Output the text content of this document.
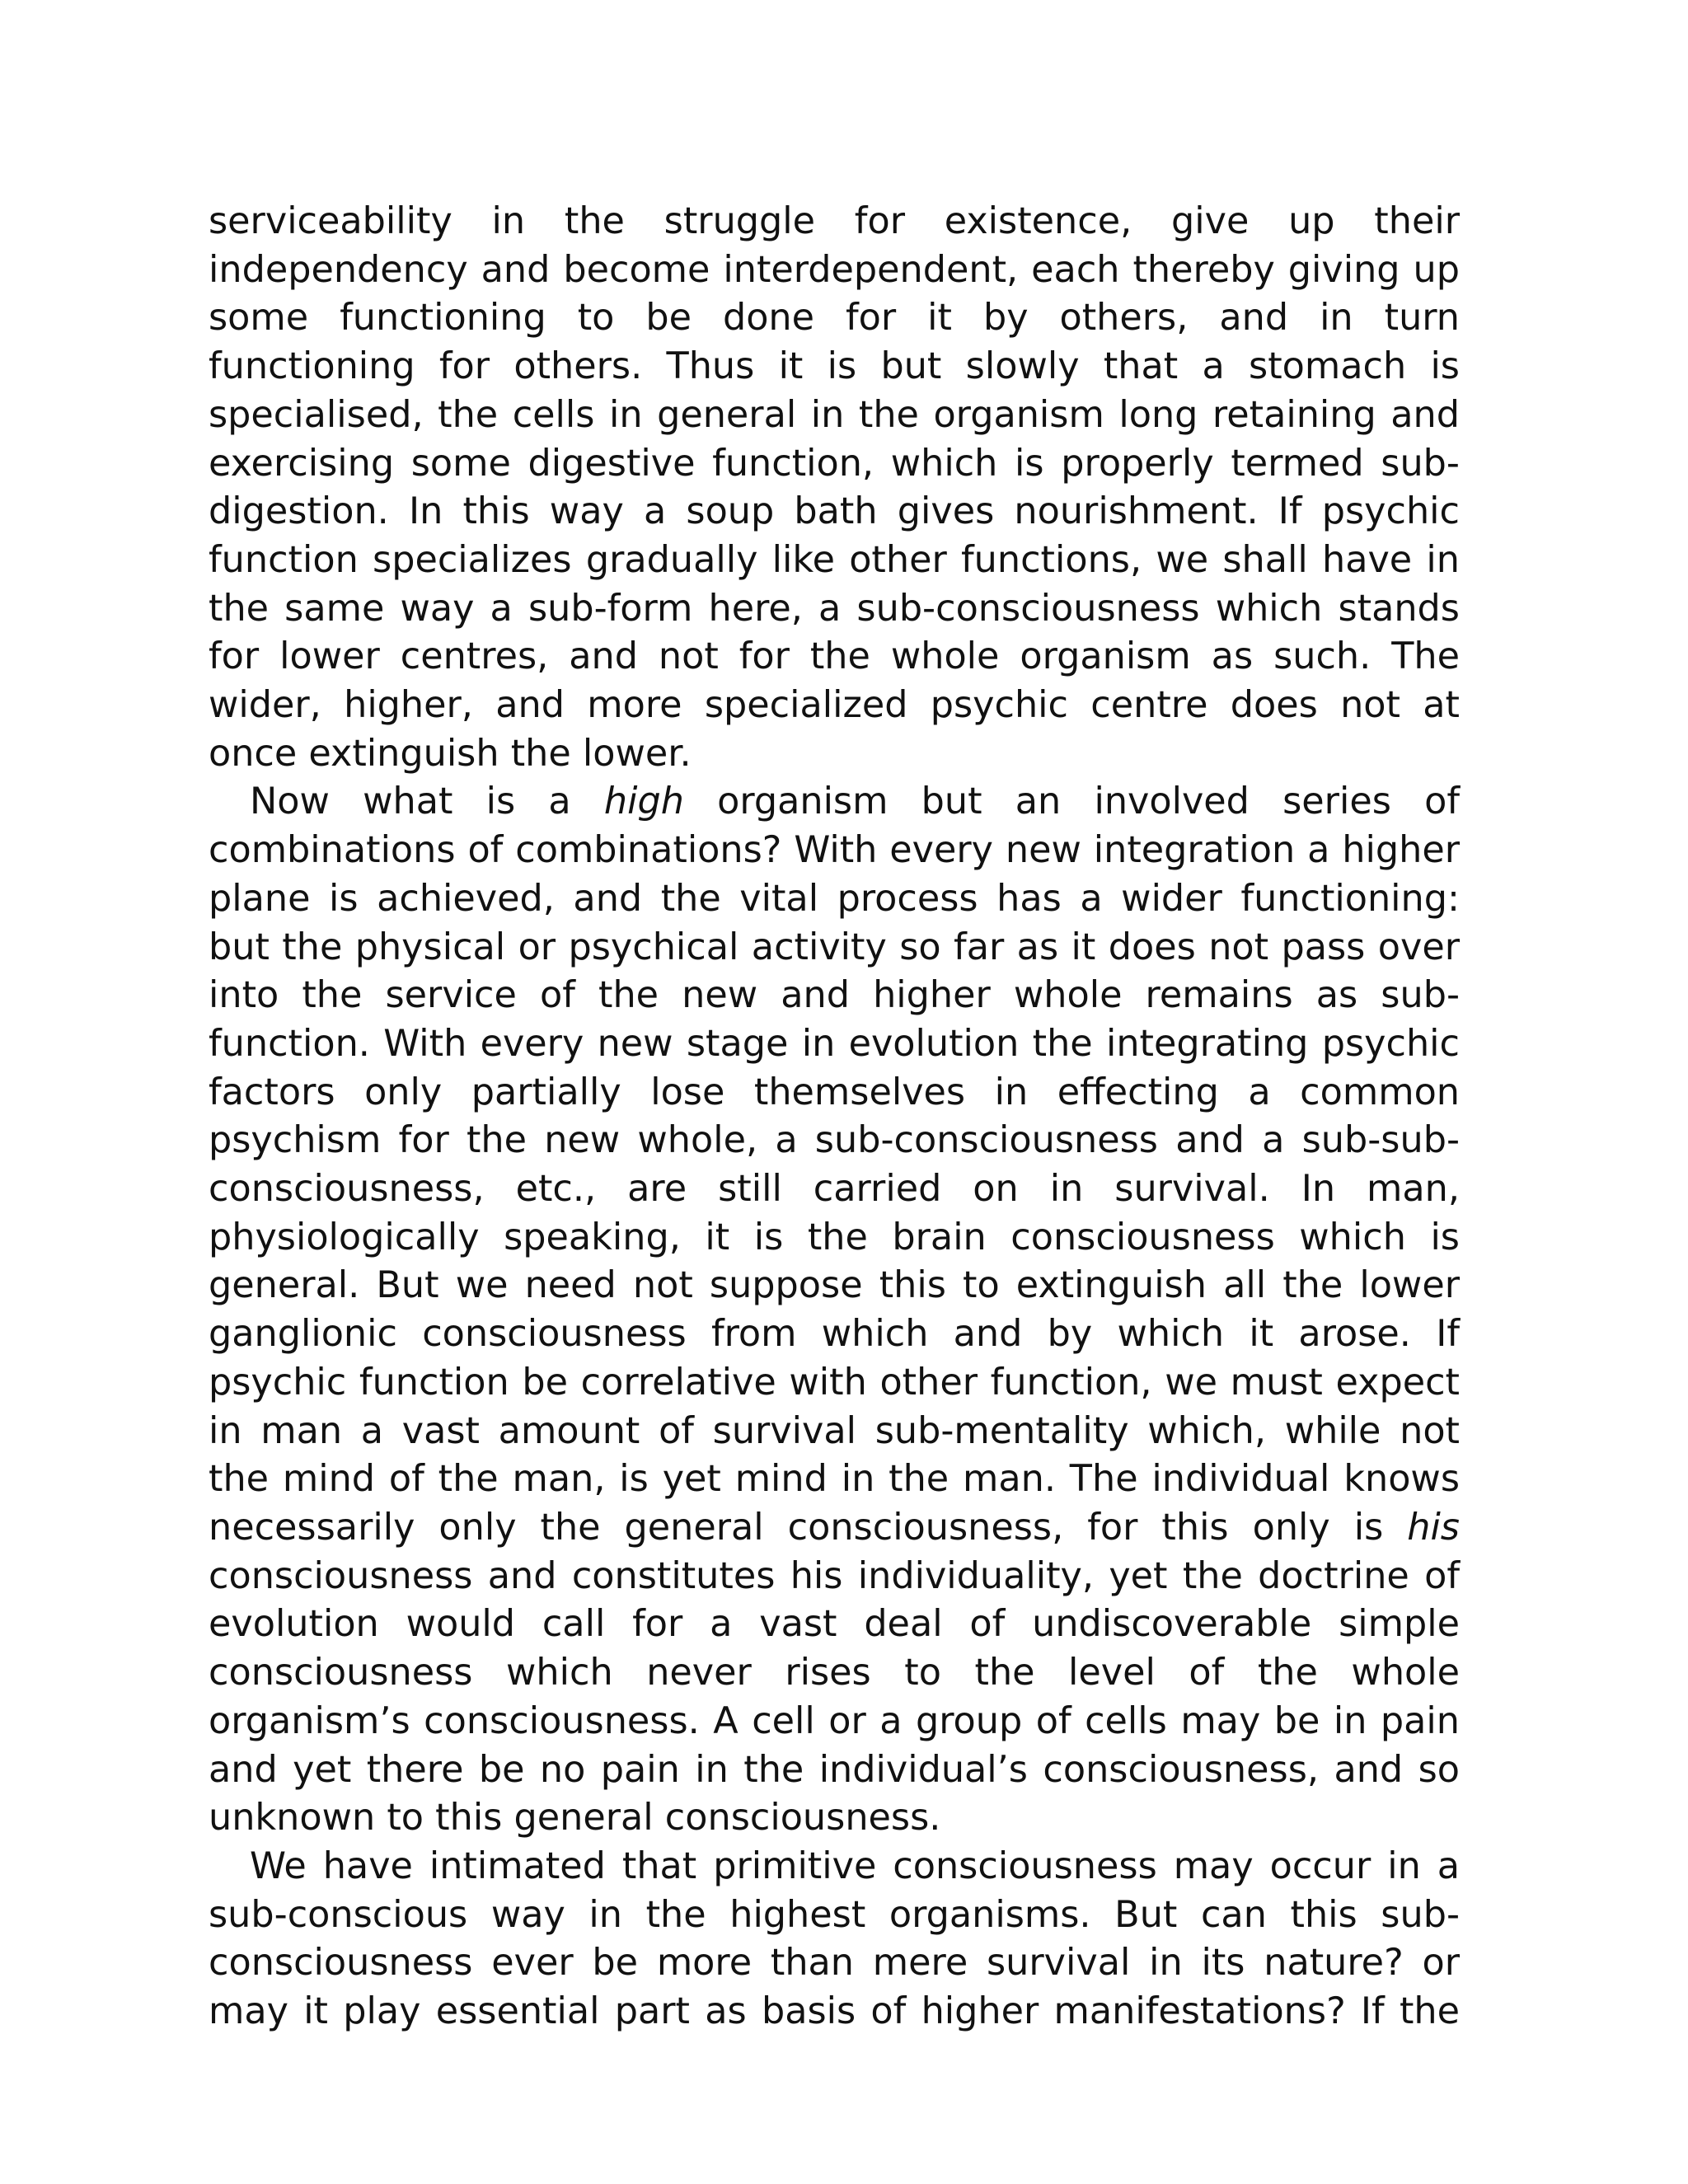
serviceability in the struggle for existence, give up their independency and become interdependent, each thereby giving up some functioning to be done for it by others, and in turn functioning for others. Thus it is but slowly that a stomach is specialised, the cells in general in the organism long retaining and exercising some digestive function, which is properly termed sub-digestion. In this way a soup bath gives nourishment. If psychic function specializes gradually like other functions, we shall have in the same way a sub-form here, a sub-consciousness which stands for lower centres, and not for the whole organism as such. The wider, higher, and more specialized psychic centre does not at once extinguish the lower.

Now what is a high organism but an involved series of combinations of combinations? With every new integration a higher plane is achieved, and the vital process has a wider functioning: but the physical or psychical activity so far as it does not pass over into the service of the new and higher whole remains as sub-function. With every new stage in evolution the integrating psychic factors only partially lose themselves in effecting a common psychism for the new whole, a sub-consciousness and a sub-sub-consciousness, etc., are still carried on in survival. In man, physiologically speaking, it is the brain consciousness which is general. But we need not suppose this to extinguish all the lower ganglionic consciousness from which and by which it arose. If psychic function be correlative with other function, we must expect in man a vast amount of survival sub-mentality which, while not the mind of the man, is yet mind in the man. The individual knows necessarily only the general consciousness, for this only is his consciousness and constitutes his individuality, yet the doctrine of evolution would call for a vast deal of undiscoverable simple consciousness which never rises to the level of the whole organism’s consciousness. A cell or a group of cells may be in pain and yet there be no pain in the individual’s consciousness, and so unknown to this general consciousness.

We have intimated that primitive consciousness may occur in a sub-conscious way in the highest organisms. But can this sub-consciousness ever be more than mere survival in its nature? or may it play essential part as basis of higher manifestations? If the
